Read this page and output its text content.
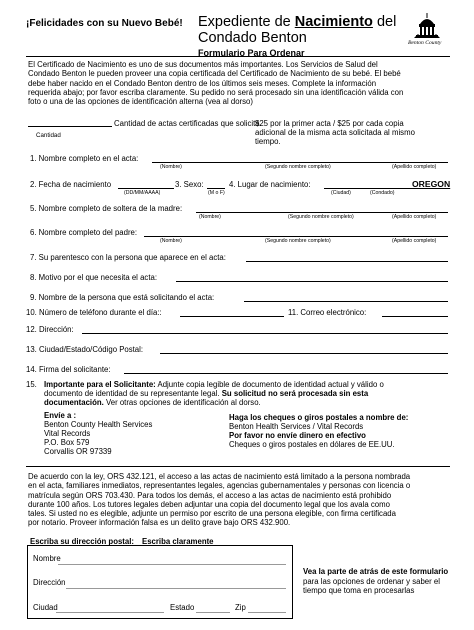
¡Felicidades con su Nuevo Bebé! Expediente de Nacimiento del
Condado Benton
Formulario Para Ordenar
Benton County
El Certificado de Nacimiento es uno de sus documentos más importantes. Los Servicios de Salud del
Condado Benton le pueden proveer una copia certificada del Certificado de Nacimiento de su bebé. El bebé
debe haber nacido en el Condado Benton dentro de los últimos seis meses. Complete la información
requerida abajo; por favor escriba claramente. Su pedido no será procesado sin una identificación válida con
foto o una de las opciones de identificación alterna (vea al dorso)
Cantidad de actas certificadas que solicita.
Cantidad
$25 por la primer acta / $25 por cada copia
adicional de la misma acta solicitada al mismo
tiempo.
1. Nombre completo en el acta:
(Nombre)	(Segundo nombre completo)	(Apellido completo)
2. Fecha de nacimiento
(DD/MM/AAAA)
3. Sexo:
(M o F)
4. Lugar de nacimiento:	OREGON
(Ciudad)	(Condado)
5. Nombre completo de soltera de la madre:
(Nombre)	(Segundo nombre completo)	(Apellido completo)
6. Nombre completo del padre:
(Nombre)	(Segundo nombre completo)	(Apellido completo)
7. Su parentesco con la persona que aparece en el acta:
8. Motivo por el que necesita el acta:
9. Nombre de la persona que está solicitando el acta:
10. Número de teléfono durante el día::	11. Correo electrónico:
12. Dirección:
13. Ciudad/Estado/Código Postal:
14. Firma del solicitante:
15. Importante para el Solicitante: Adjunte copia legible de documento de identidad actual y válido o
documento de identidad de su representante legal. Su solicitud no será procesada sin esta
documentación. Ver otras opciones de identificación al dorso.
Envíe a :
Benton County Health Services
Vital Records
P.O. Box 579
Corvallis OR 97339
Haga los cheques o giros postales a nombre de:
Benton Health Services / Vital Records
Por favor no envíe dinero en efectivo
Cheques o giros postales en dólares de EE.UU.
De acuerdo con la ley, ORS 432.121, el acceso a las actas de nacimiento está limitado a la persona nombrada
en el acta, familiares inmediatos, representantes legales, agencias gubernamentales y personas con licencia o
matrícula según ORS 703.430. Para todos los demás, el acceso a las actas de nacimiento está prohibido
durante 100 años. Los tutores legales deben adjuntar una copia del documento legal que los avala como
tales. Si usted no es elegible, adjunte un permiso por escrito de una persona elegible, con firma certificada
por notario. Proveer información falsa es un delito grave bajo ORS 432.900.
Escriba su dirección postal: Escriba claramente
Nombre
Dirección
Ciudad	Estado	Zip
Vea la parte de atrás de este formulario
para las opciones de ordenar y saber el
tiempo que toma en procesarlas
